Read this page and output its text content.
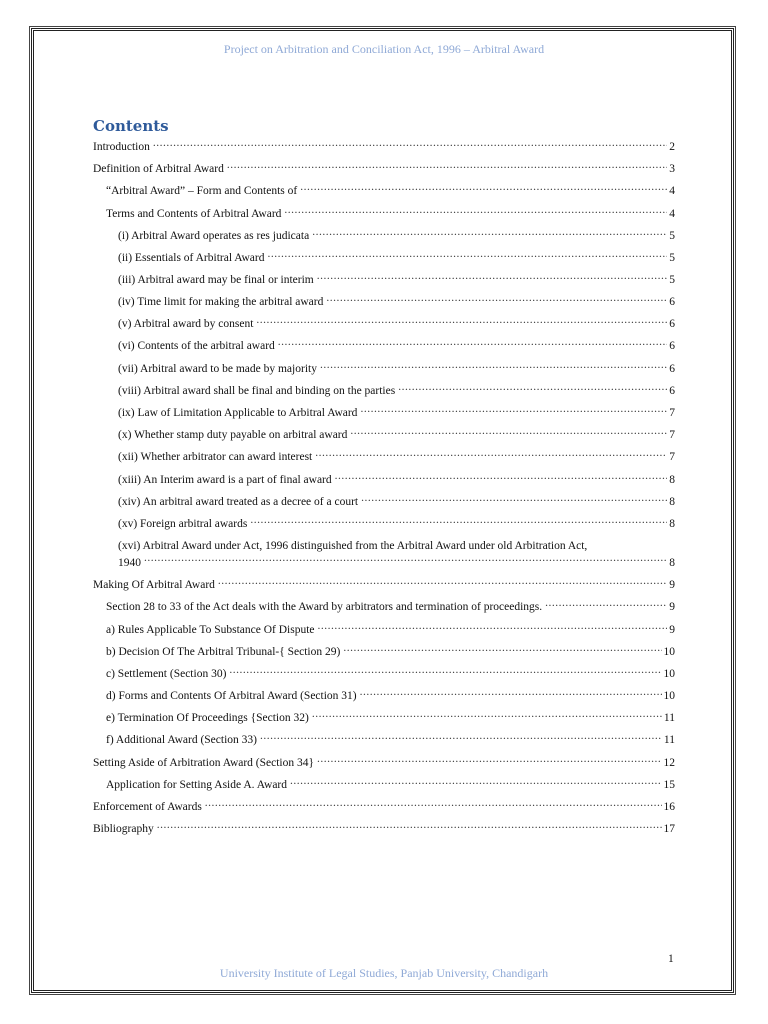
Project on Arbitration and Conciliation Act, 1996 – Arbitral Award
Contents
Introduction .....	2
Definition of Arbitral Award .....	3
“Arbitral Award” – Form and Contents of .....	4
Terms and Contents of Arbitral Award .....	4
(i) Arbitral Award operates as res judicata .....	5
(ii) Essentials of Arbitral Award .....	5
(iii) Arbitral award may be final or interim .....	5
(iv) Time limit for making the arbitral award .....	6
(v) Arbitral award by consent .....	6
(vi) Contents of the arbitral award .....	6
(vii) Arbitral award to be made by majority .....	6
(viii) Arbitral award shall be final and binding on the parties .....	6
(ix) Law of Limitation Applicable to Arbitral Award .....	7
(x) Whether stamp duty payable on arbitral award .....	7
(xii) Whether arbitrator can award interest .....	7
(xiii) An Interim award is a part of final award .....	8
(xiv) An arbitral award treated as a decree of a court .....	8
(xv) Foreign arbitral awards .....	8
(xvi) Arbitral Award under Act, 1996 distinguished from the Arbitral Award under old Arbitration Act,
1940 .....	8
Making Of Arbitral Award .....	9
Section 28 to 33 of the Act deals with the Award by arbitrators and termination of proceedings. .....	9
a) Rules Applicable To Substance Of Dispute .....	9
b) Decision Of The Arbitral Tribunal-{ Section 29) .....	10
c) Settlement (Section 30) .....	10
d) Forms and Contents Of Arbitral Award (Section 31) .....	10
e) Termination Of Proceedings {Section 32) .....	11
f) Additional Award (Section 33) .....	11
Setting Aside of Arbitration Award (Section 34} .....	12
Application for Setting Aside A. Award .....	15
Enforcement of Awards .....	16
Bibliography .....	17
1
University Institute of Legal Studies, Panjab University, Chandigarh
